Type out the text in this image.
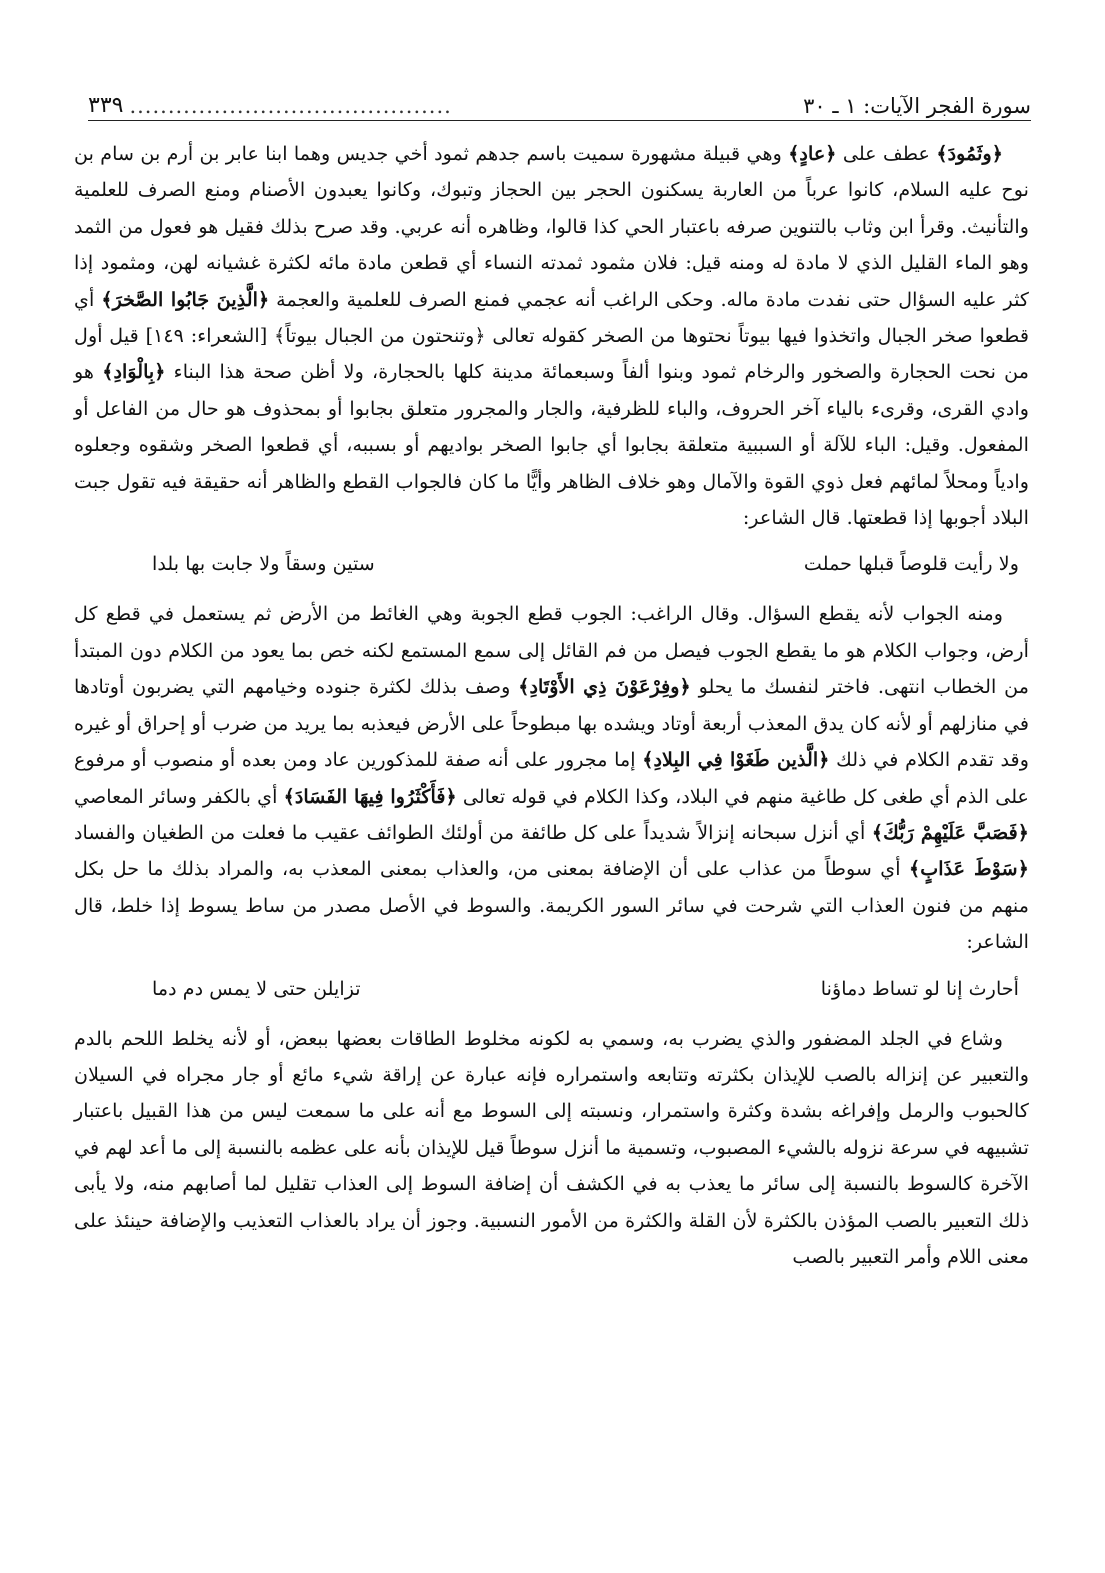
سورة الفجر الآيات: ١ ـ ٣٠
..........................................
٣٣٩

﴿وثَمُودَ﴾ عطف على ﴿عادٍ﴾ وهي قبيلة مشهورة سميت باسم جدهم ثمود أخي جديس وهما ابنا عابر بن أرم بن سام بن نوح عليه السلام، كانوا عرباً من العاربة يسكنون الحجر بين الحجاز وتبوك، وكانوا يعبدون الأصنام ومنع الصرف للعلمية والتأنيث. وقرأ ابن وثاب بالتنوين صرفه باعتبار الحي كذا قالوا، وظاهره أنه عربي. وقد صرح بذلك فقيل هو فعول من الثمد وهو الماء القليل الذي لا مادة له ومنه قيل: فلان مثمود ثمدته النساء أي قطعن مادة مائه لكثرة غشيانه لهن، ومثمود إذا كثر عليه السؤال حتى نفدت مادة ماله. وحكى الراغب أنه عجمي فمنع الصرف للعلمية والعجمة ﴿الَّذِينَ جَابُوا الصَّخرَ﴾ أي قطعوا صخر الجبال واتخذوا فيها بيوتاً نحتوها من الصخر كقوله تعالى ﴿وتنحتون من الجبال بيوتاً﴾ [الشعراء: ١٤٩] قيل أول من نحت الحجارة والصخور والرخام ثمود وبنوا ألفاً وسبعمائة مدينة كلها بالحجارة، ولا أظن صحة هذا البناء ﴿بِالْوَادِ﴾ هو وادي القرى، وقرىء بالياء آخر الحروف، والباء للظرفية، والجار والمجرور متعلق بجابوا أو بمحذوف هو حال من الفاعل أو المفعول. وقيل: الباء للآلة أو السببية متعلقة بجابوا أي جابوا الصخر بواديهم أو بسببه، أي قطعوا الصخر وشقوه وجعلوه وادياً ومحلاً لمائهم فعل ذوي القوة والآمال وهو خلاف الظاهر وأيًّا ما كان فالجواب القطع والظاهر أنه حقيقة فيه تقول جبت البلاد أجوبها إذا قطعتها. قال الشاعر:

ولا رأيت قلوصاً قبلها حملت
ستين وسقاً ولا جابت بها بلدا

ومنه الجواب لأنه يقطع السؤال. وقال الراغب: الجوب قطع الجوبة وهي الغائط من الأرض ثم يستعمل في قطع كل أرض، وجواب الكلام هو ما يقطع الجوب فيصل من فم القائل إلى سمع المستمع لكنه خص بما يعود من الكلام دون المبتدأ من الخطاب انتهى. فاختر لنفسك ما يحلو ﴿وفِرْعَوْنَ ذِي الأَوْتَادِ﴾ وصف بذلك لكثرة جنوده وخيامهم التي يضربون أوتادها في منازلهم أو لأنه كان يدق المعذب أربعة أوتاد ويشده بها مبطوحاً على الأرض فيعذبه بما يريد من ضرب أو إحراق أو غيره وقد تقدم الكلام في ذلك ﴿الَّذين طَغَوْا فِي البِلادِ﴾ إما مجرور على أنه صفة للمذكورين عاد ومن بعده أو منصوب أو مرفوع على الذم أي طغى كل طاغية منهم في البلاد، وكذا الكلام في قوله تعالى ﴿فَأَكْثَرُوا فِيهَا الفَسَادَ﴾ أي بالكفر وسائر المعاصي ﴿فَصَبَّ عَلَيْهِمْ رَبُّكَ﴾ أي أنزل سبحانه إنزالاً شديداً على كل طائفة من أولئك الطوائف عقيب ما فعلت من الطغيان والفساد ﴿سَوْطَ عَذَابٍ﴾ أي سوطاً من عذاب على أن الإضافة بمعنى من، والعذاب بمعنى المعذب به، والمراد بذلك ما حل بكل منهم من فنون العذاب التي شرحت في سائر السور الكريمة. والسوط في الأصل مصدر من ساط يسوط إذا خلط، قال الشاعر:

أحارث إنا لو تساط دماؤنا
تزايلن حتى لا يمس دم دما

وشاع في الجلد المضفور والذي يضرب به، وسمي به لكونه مخلوط الطاقات بعضها ببعض، أو لأنه يخلط اللحم بالدم والتعبير عن إنزاله بالصب للإيذان بكثرته وتتابعه واستمراره فإنه عبارة عن إراقة شيء مائع أو جار مجراه في السيلان كالحبوب والرمل وإفراغه بشدة وكثرة واستمرار، ونسبته إلى السوط مع أنه على ما سمعت ليس من هذا القبيل باعتبار تشبيهه في سرعة نزوله بالشيء المصبوب، وتسمية ما أنزل سوطاً قيل للإيذان بأنه على عظمه بالنسبة إلى ما أعد لهم في الآخرة كالسوط بالنسبة إلى سائر ما يعذب به في الكشف أن إضافة السوط إلى العذاب تقليل لما أصابهم منه، ولا يأبى ذلك التعبير بالصب المؤذن بالكثرة لأن القلة والكثرة من الأمور النسبية. وجوز أن يراد بالعذاب التعذيب والإضافة حينئذ على معنى اللام وأمر التعبير بالصب
